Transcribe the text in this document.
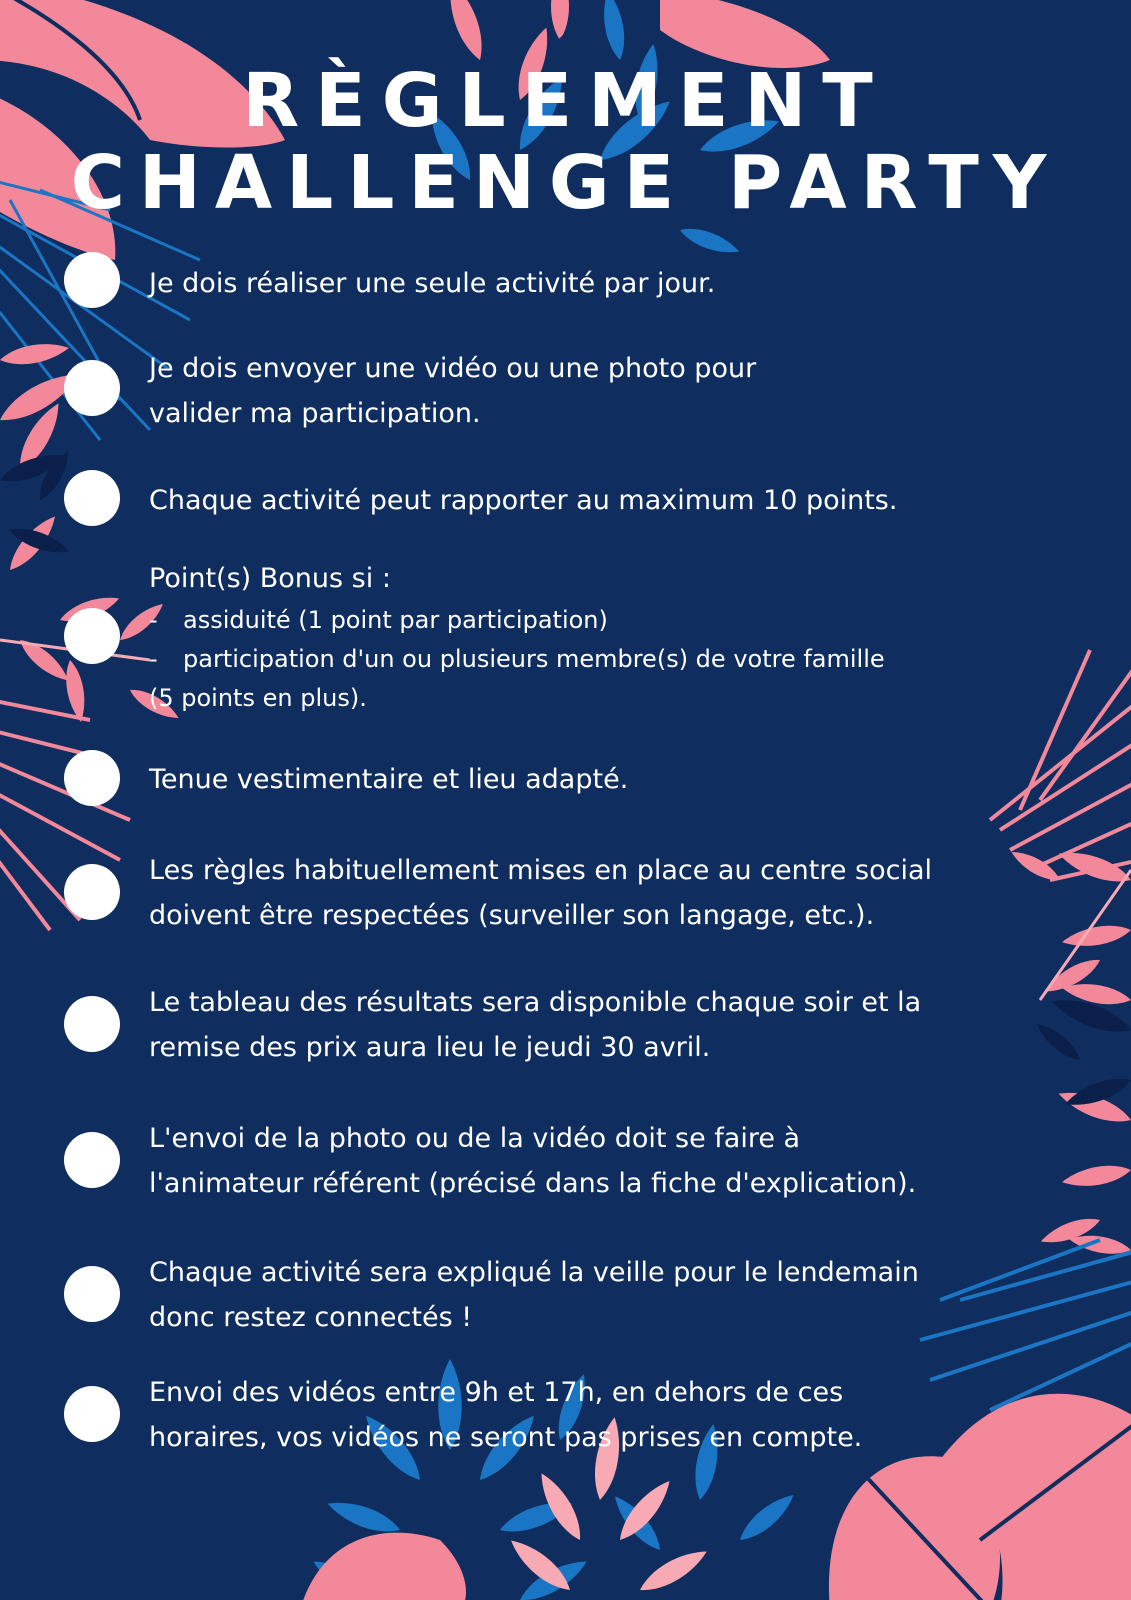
RÈGLEMENT
CHALLENGE PARTY

Je dois réaliser une seule activité par jour.

Je dois envoyer une vidéo ou une photo pour

valider ma participation.

Chaque activité peut rapporter au maximum 10 points.

Point(s) Bonus si :

- assiduité (1 point par participation)

- participation d'un ou plusieurs membre(s) de votre famille

(5 points en plus).

Tenue vestimentaire et lieu adapté.

Les règles habituellement mises en place au centre social

doivent être respectées (surveiller son langage, etc.).

Le tableau des résultats sera disponible chaque soir et la

remise des prix aura lieu le jeudi 30 avril.

L'envoi de la photo ou de la vidéo doit se faire à

l'animateur référent (précisé dans la fiche d'explication).

Chaque activité sera expliqué la veille pour le lendemain

donc restez connectés !

Envoi des vidéos entre 9h et 17h, en dehors de ces

horaires, vos vidéos ne seront pas prises en compte.
